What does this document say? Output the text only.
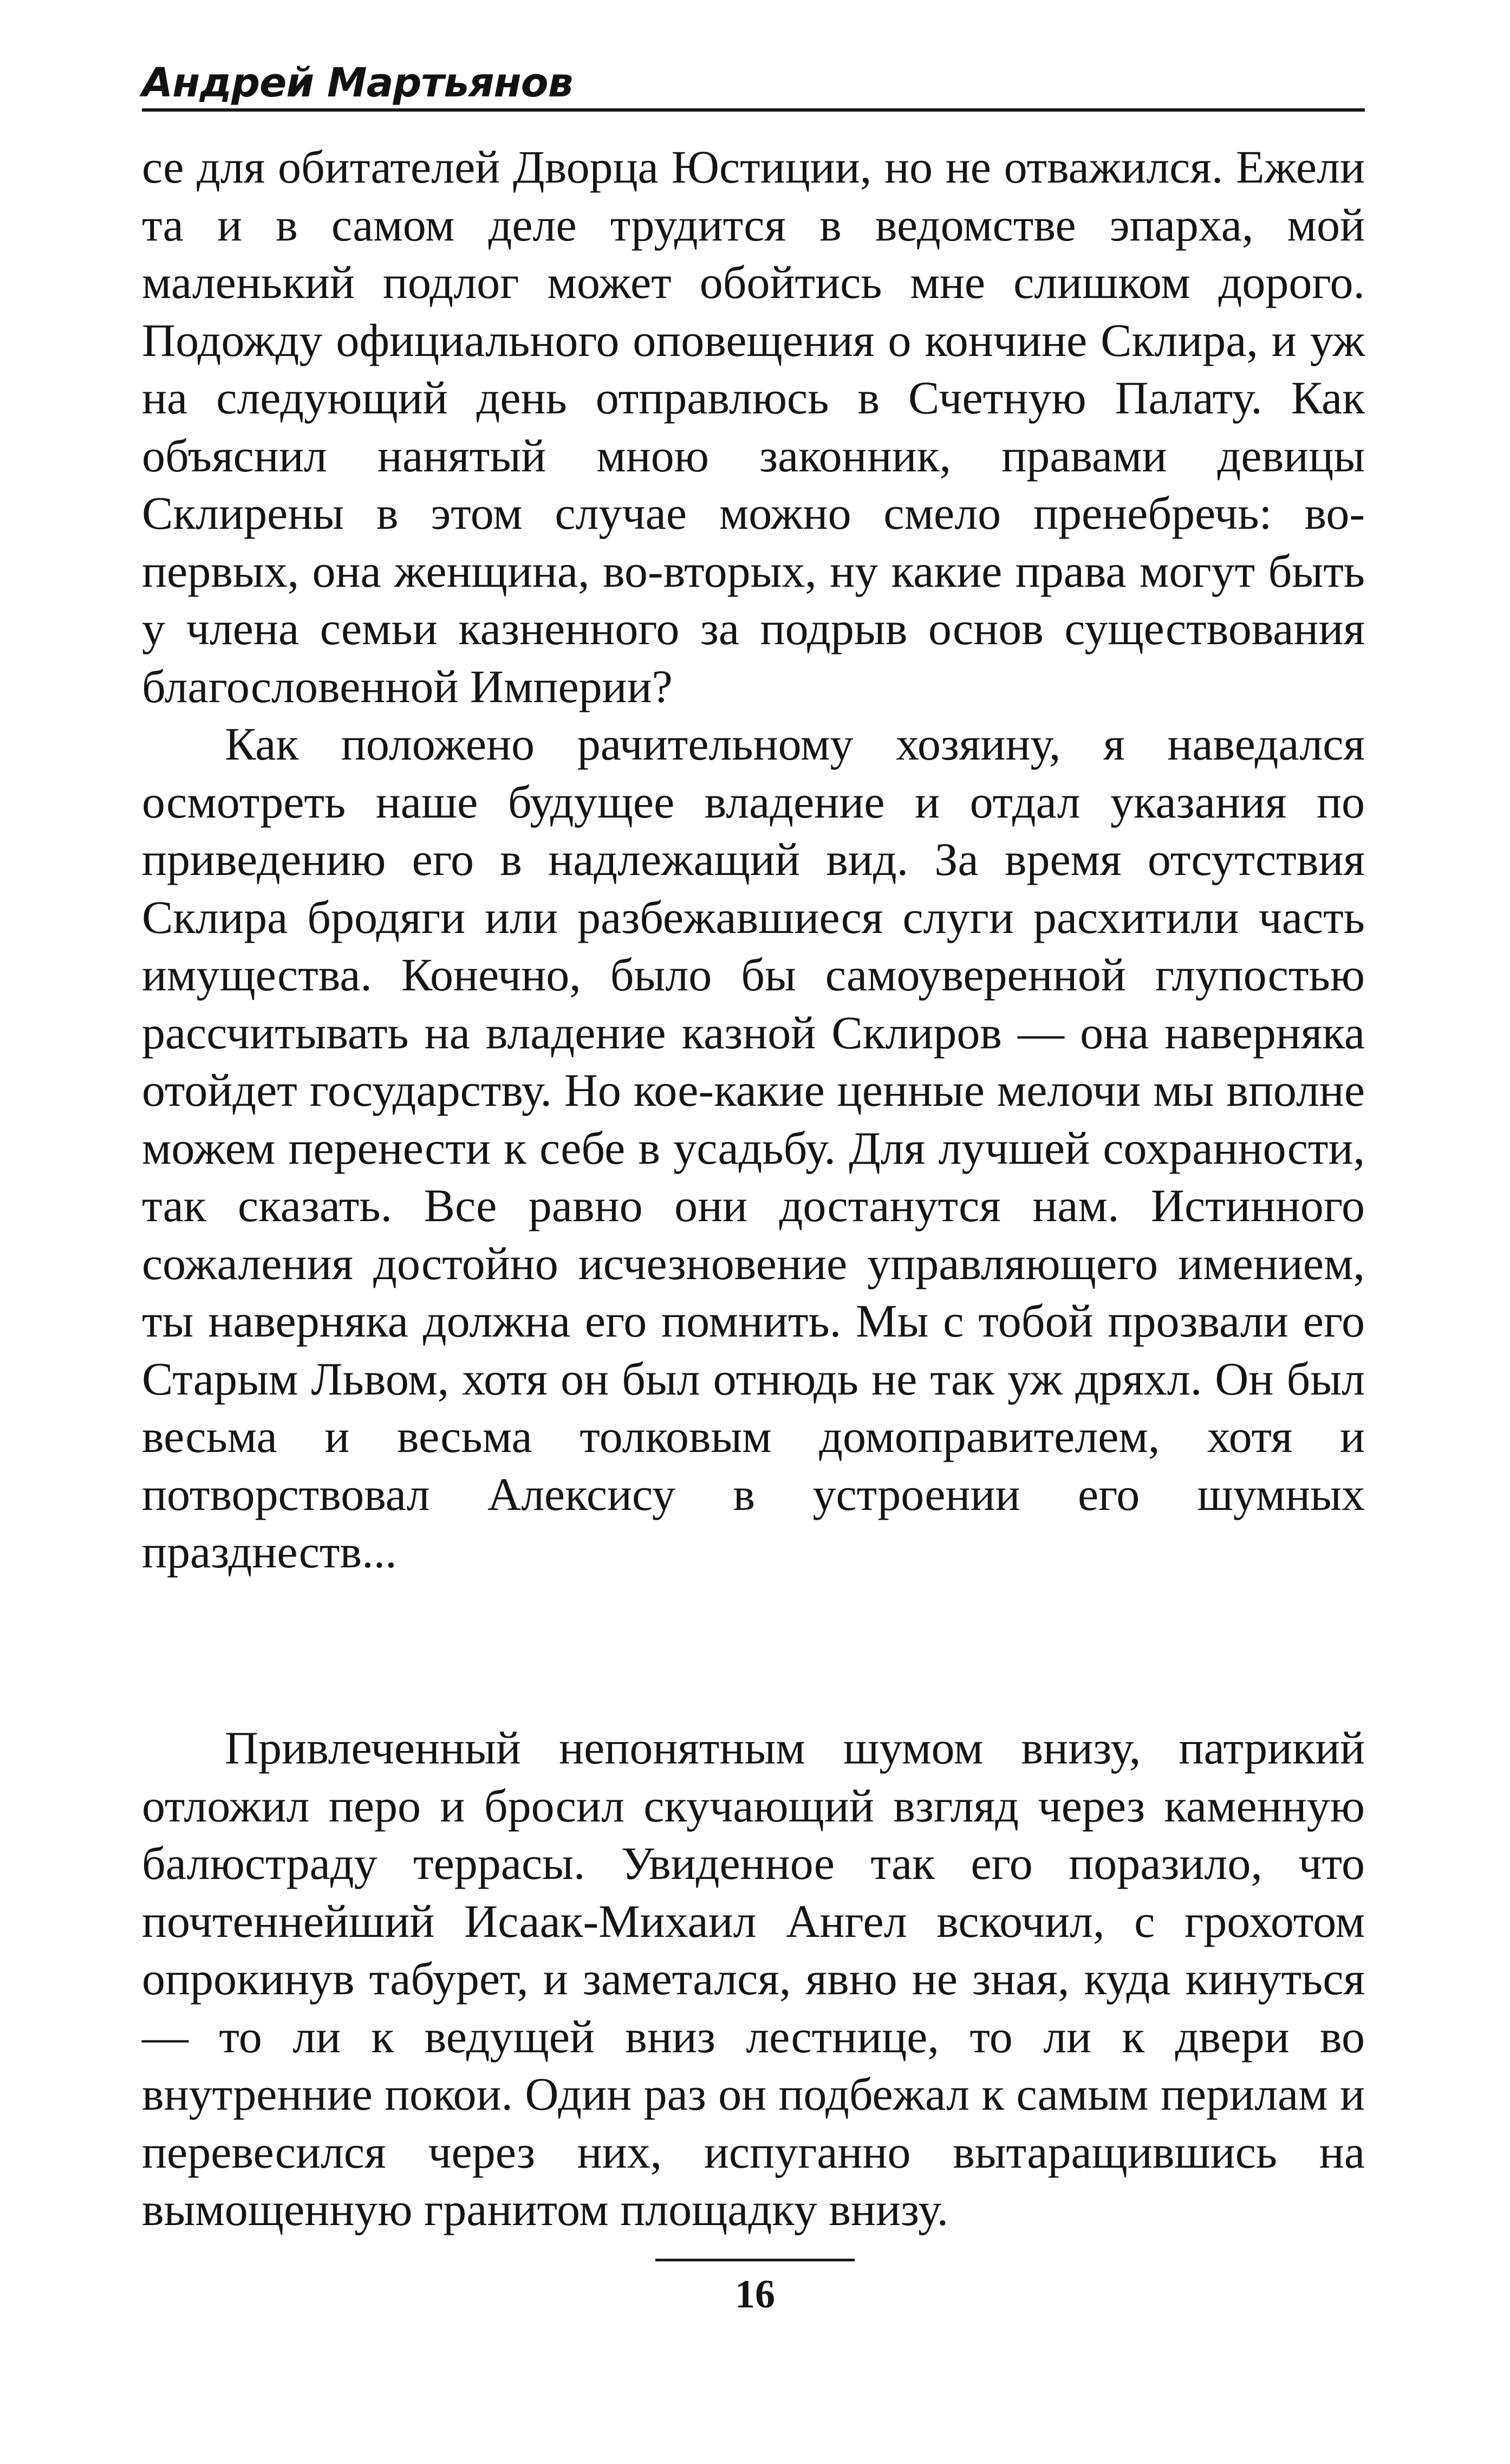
Андрей Мартьянов

се для обитателей Дворца Юстиции, но не отважился. Ежели та и в самом деле трудится в ведомстве эпарха, мой маленький подлог может обойтись мне слишком дорого. Подожду официального оповещения о кончине Склира, и уж на следующий день отправлюсь в Счетную Палату. Как объяснил нанятый мною законник, правами девицы Склирены в этом случае можно смело пренебречь: во-первых, она женщина, во-вторых, ну какие права могут быть у члена семьи казненного за подрыв основ существования благословенной Империи?

Как положено рачительному хозяину, я наведался осмотреть наше будущее владение и отдал указания по приведению его в надлежащий вид. За время отсутствия Склира бродяги или разбежавшиеся слуги расхитили часть имущества. Конечно, было бы самоуверенной глупостью рассчитывать на владение казной Склиров — она наверняка отойдет государству. Но кое-какие ценные мелочи мы вполне можем перенести к себе в усадьбу. Для лучшей сохранности, так сказать. Все равно они достанутся нам. Истинного сожаления достойно исчезновение управляющего имением, ты наверняка должна его помнить. Мы с тобой прозвали его Старым Львом, хотя он был отнюдь не так уж дряхл. Он был весьма и весьма толковым домоправителем, хотя и потворствовал Алексису в устроении его шумных празднеств...

Привлеченный непонятным шумом внизу, патрикий отложил перо и бросил скучающий взгляд через каменную балюстраду террасы. Увиденное так его поразило, что почтеннейший Исаак-Михаил Ангел вскочил, с грохотом опрокинув табурет, и заметался, явно не зная, куда кинуться — то ли к ведущей вниз лестнице, то ли к двери во внутренние покои. Один раз он подбежал к самым перилам и перевесился через них, испуганно вытаращившись на вымощенную гранитом площадку внизу.

16
